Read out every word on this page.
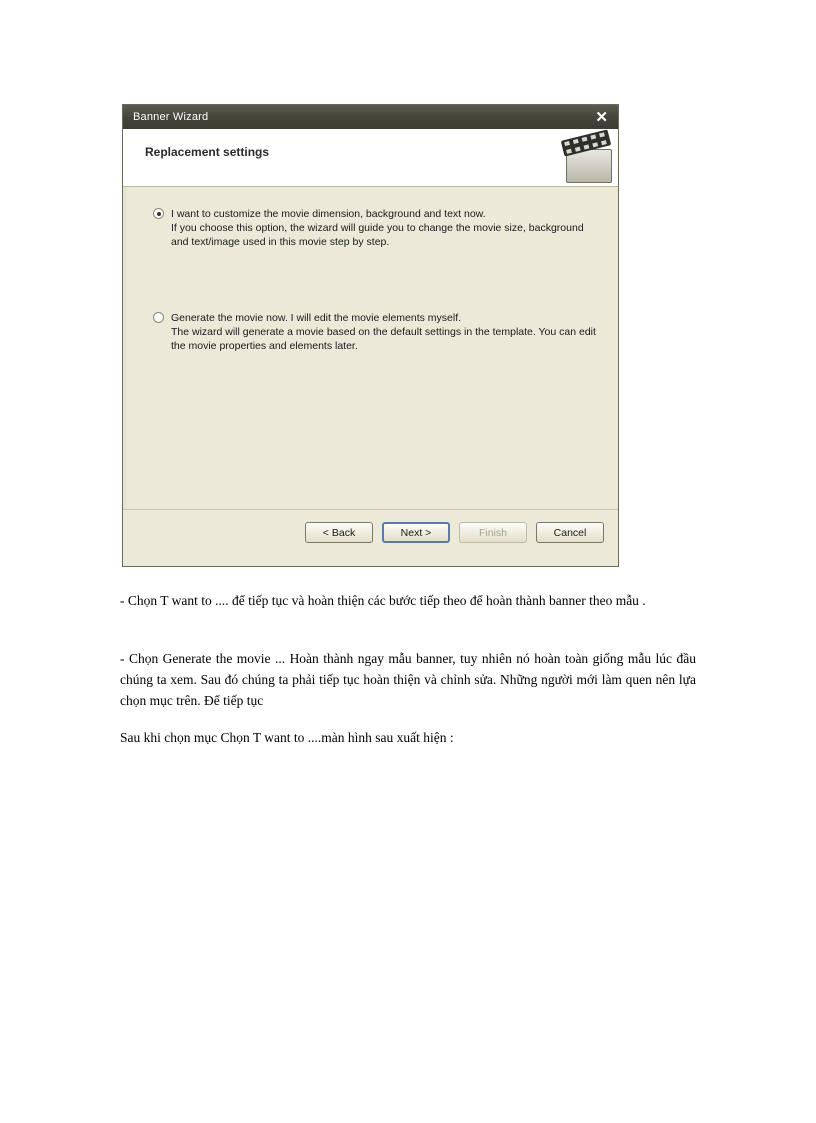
Banner Wizard	✕
Replacement settings
I want to customize the movie dimension, background and text now.
If you choose this option, the wizard will guide you to change the movie size, background and text/image used in this movie step by step.
Generate the movie now. I will edit the movie elements myself.
The wizard will generate a movie based on the default settings in the template. You can edit the movie properties and elements later.
< Back	Next >	Finish	Cancel
- Chọn T want to .... để tiếp tục và hoàn thiện các bước tiếp theo để hoàn thành banner theo mẫu .
- Chọn Generate the movie ... Hoàn thành ngay mẫu banner, tuy nhiên nó hoàn toàn giống mẫu lúc đầu chúng ta xem. Sau đó chúng ta phải tiếp tục hoàn thiện và chỉnh sửa. Những người mới làm quen nên lựa chọn mục trên. Để tiếp tục
Sau khi chọn mục Chọn T want to ....màn hình sau xuất hiện :
